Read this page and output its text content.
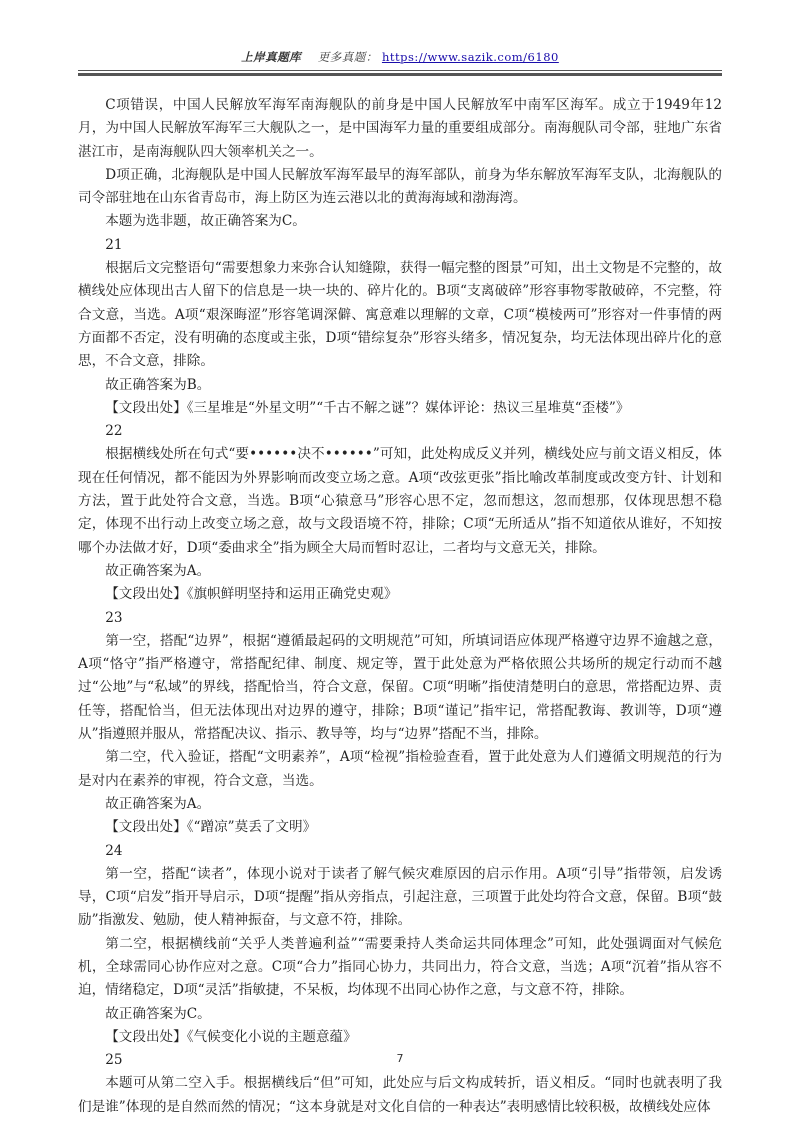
上岸真题库 更多真题： https://www.sazik.com/6180

C项错误，中国人民解放军海军南海舰队的前身是中国人民解放军中南军区海军。成立于1949年12月，为中国人民解放军海军三大舰队之一，是中国海军力量的重要组成部分。南海舰队司令部，驻地广东省湛江市，是南海舰队四大领率机关之一。

D项正确，北海舰队是中国人民解放军海军最早的海军部队，前身为华东解放军海军支队，北海舰队的司令部驻地在山东省青岛市，海上防区为连云港以北的黄海海域和渤海湾。

本题为选非题，故正确答案为C。

21

根据后文完整语句“需要想象力来弥合认知缝隙，获得一幅完整的图景”可知，出土文物是不完整的，故横线处应体现出古人留下的信息是一块一块的、碎片化的。B项“支离破碎”形容事物零散破碎，不完整，符合文意，当选。A项“艰深晦涩”形容笔调深僻、寓意难以理解的文章，C项“模棱两可”形容对一件事情的两方面都不否定，没有明确的态度或主张，D项“错综复杂”形容头绪多，情况复杂，均无法体现出碎片化的意思，不合文意，排除。

故正确答案为B。

【文段出处】《三星堆是“外星文明”“千古不解之谜”？媒体评论：热议三星堆莫“歪楼”》

22

根据横线处所在句式“要••••••决不••••••”可知，此处构成反义并列，横线处应与前文语义相反，体现在任何情况，都不能因为外界影响而改变立场之意。A项“改弦更张”指比喻改革制度或改变方针、计划和方法，置于此处符合文意，当选。B项“心猿意马”形容心思不定，忽而想这，忽而想那，仅体现思想不稳定，体现不出行动上改变立场之意，故与文段语境不符，排除；C项“无所适从”指不知道依从谁好，不知按哪个办法做才好，D项“委曲求全”指为顾全大局而暂时忍让，二者均与文意无关，排除。

故正确答案为A。

【文段出处】《旗帜鲜明坚持和运用正确党史观》

23

第一空，搭配“边界”，根据“遵循最起码的文明规范”可知，所填词语应体现严格遵守边界不逾越之意，A项“恪守”指严格遵守，常搭配纪律、制度、规定等，置于此处意为严格依照公共场所的规定行动而不越过“公地”与“私域”的界线，搭配恰当，符合文意，保留。C项“明晰”指使清楚明白的意思，常搭配边界、责任等，搭配恰当，但无法体现出对边界的遵守，排除；B项“谨记”指牢记，常搭配教诲、教训等，D项“遵从”指遵照并服从，常搭配决议、指示、教导等，均与“边界”搭配不当，排除。

第二空，代入验证，搭配“文明素养”，A项“检视”指检验查看，置于此处意为人们遵循文明规范的行为是对内在素养的审视，符合文意，当选。

故正确答案为A。

【文段出处】《“蹭凉”莫丢了文明》

24

第一空，搭配“读者”，体现小说对于读者了解气候灾难原因的启示作用。A项“引导”指带领，启发诱导，C项“启发”指开导启示，D项“提醒”指从旁指点，引起注意，三项置于此处均符合文意，保留。B项“鼓励”指激发、勉励，使人精神振奋，与文意不符，排除。

第二空，根据横线前“关乎人类普遍利益”“需要秉持人类命运共同体理念”可知，此处强调面对气候危机，全球需同心协作应对之意。C项“合力”指同心协力，共同出力，符合文意，当选；A项“沉着”指从容不迫，情绪稳定，D项“灵活”指敏捷，不呆板，均体现不出同心协作之意，与文意不符，排除。

故正确答案为C。

【文段出处】《气候变化小说的主题意蕴》

25

本题可从第二空入手。根据横线后“但”可知，此处应与后文构成转折，语义相反。“同时也就表明了我们是谁”体现的是自然而然的情况；“这本身就是对文化自信的一种表达”表明感情比较积极，故横线处应体

7
